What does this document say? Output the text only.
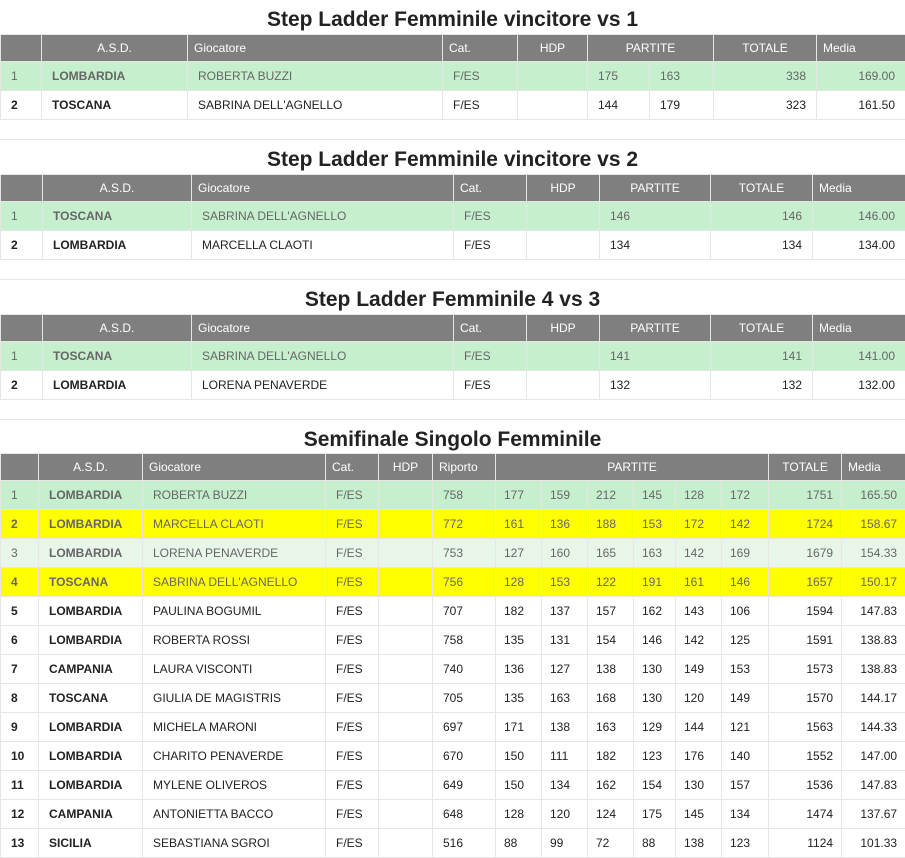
Step Ladder Femminile vincitore vs 1
	A.S.D.	Giocatore	Cat.	HDP	PARTITE		TOTALE	Media
1	LOMBARDIA	ROBERTA BUZZI	F/ES		175	163	338	169.00
2	TOSCANA	SABRINA DELL'AGNELLO	F/ES		144	179	323	161.50
Step Ladder Femminile vincitore vs 2
	A.S.D.	Giocatore	Cat.	HDP	PARTITE	TOTALE	Media
1	TOSCANA	SABRINA DELL'AGNELLO	F/ES		146	146	146.00
2	LOMBARDIA	MARCELLA CLAOTI	F/ES		134	134	134.00
Step Ladder Femminile 4 vs 3
	A.S.D.	Giocatore	Cat.	HDP	PARTITE	TOTALE	Media
1	TOSCANA	SABRINA DELL'AGNELLO	F/ES		141	141	141.00
2	LOMBARDIA	LORENA PENAVERDE	F/ES		132	132	132.00
Semifinale Singolo Femminile
	A.S.D.	Giocatore	Cat.	HDP	Riporto	PARTITE						TOTALE	Media
1	LOMBARDIA	ROBERTA BUZZI	F/ES		758	177	159	212	145	128	172	1751	165.50
2	LOMBARDIA	MARCELLA CLAOTI	F/ES		772	161	136	188	153	172	142	1724	158.67
3	LOMBARDIA	LORENA PENAVERDE	F/ES		753	127	160	165	163	142	169	1679	154.33
4	TOSCANA	SABRINA DELL'AGNELLO	F/ES		756	128	153	122	191	161	146	1657	150.17
5	LOMBARDIA	PAULINA BOGUMIL	F/ES		707	182	137	157	162	143	106	1594	147.83
6	LOMBARDIA	ROBERTA ROSSI	F/ES		758	135	131	154	146	142	125	1591	138.83
7	CAMPANIA	LAURA VISCONTI	F/ES		740	136	127	138	130	149	153	1573	138.83
8	TOSCANA	GIULIA DE MAGISTRIS	F/ES		705	135	163	168	130	120	149	1570	144.17
9	LOMBARDIA	MICHELA MARONI	F/ES		697	171	138	163	129	144	121	1563	144.33
10	LOMBARDIA	CHARITO PENAVERDE	F/ES		670	150	111	182	123	176	140	1552	147.00
11	LOMBARDIA	MYLENE OLIVEROS	F/ES		649	150	134	162	154	130	157	1536	147.83
12	CAMPANIA	ANTONIETTA BACCO	F/ES		648	128	120	124	175	145	134	1474	137.67
13	SICILIA	SEBASTIANA SGROI	F/ES		516	88	99	72	88	138	123	1124	101.33
